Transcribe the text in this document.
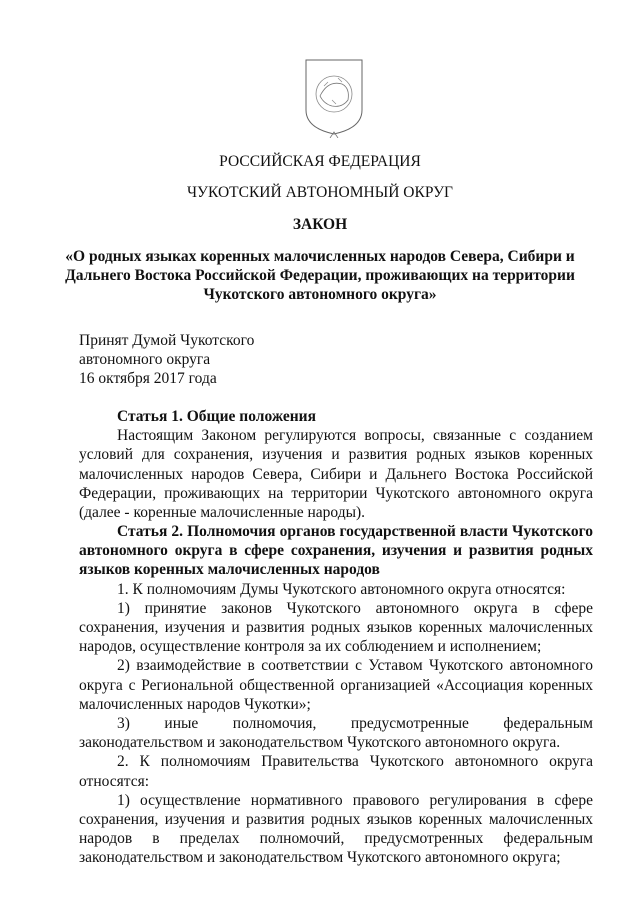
РОССИЙСКАЯ ФЕДЕРАЦИЯ
ЧУКОТСКИЙ АВТОНОМНЫЙ ОКРУГ
ЗАКОН
«О родных языках коренных малочисленных народов Севера, Сибири и
Дальнего Востока Российской Федерации, проживающих на территории
Чукотского автономного округа»
Принят Думой Чукотского
автономного округа
16 октября 2017 года

Статья 1. Общие положения

Настоящим Законом регулируются вопросы, связанные с созданием условий для сохранения, изучения и развития родных языков коренных малочисленных народов Севера, Сибири и Дальнего Востока Российской Федерации, проживающих на территории Чукотского автономного округа (далее - коренные малочисленные народы).

Статья 2. Полномочия органов государственной власти Чукотского автономного округа в сфере сохранения, изучения и развития родных языков коренных малочисленных народов

1. К полномочиям Думы Чукотского автономного округа относятся:

1) принятие законов Чукотского автономного округа в сфере сохранения, изучения и развития родных языков коренных малочисленных народов, осуществление контроля за их соблюдением и исполнением;

2) взаимодействие в соответствии с Уставом Чукотского автономного округа с Региональной общественной организацией «Ассоциация коренных малочисленных народов Чукотки»;

3) иные полномочия, предусмотренные федеральным законодательством и законодательством Чукотского автономного округа.

2. К полномочиям Правительства Чукотского автономного округа относятся:

1) осуществление нормативного правового регулирования в сфере сохранения, изучения и развития родных языков коренных малочисленных народов в пределах полномочий, предусмотренных федеральным законодательством и законодательством Чукотского автономного округа;
